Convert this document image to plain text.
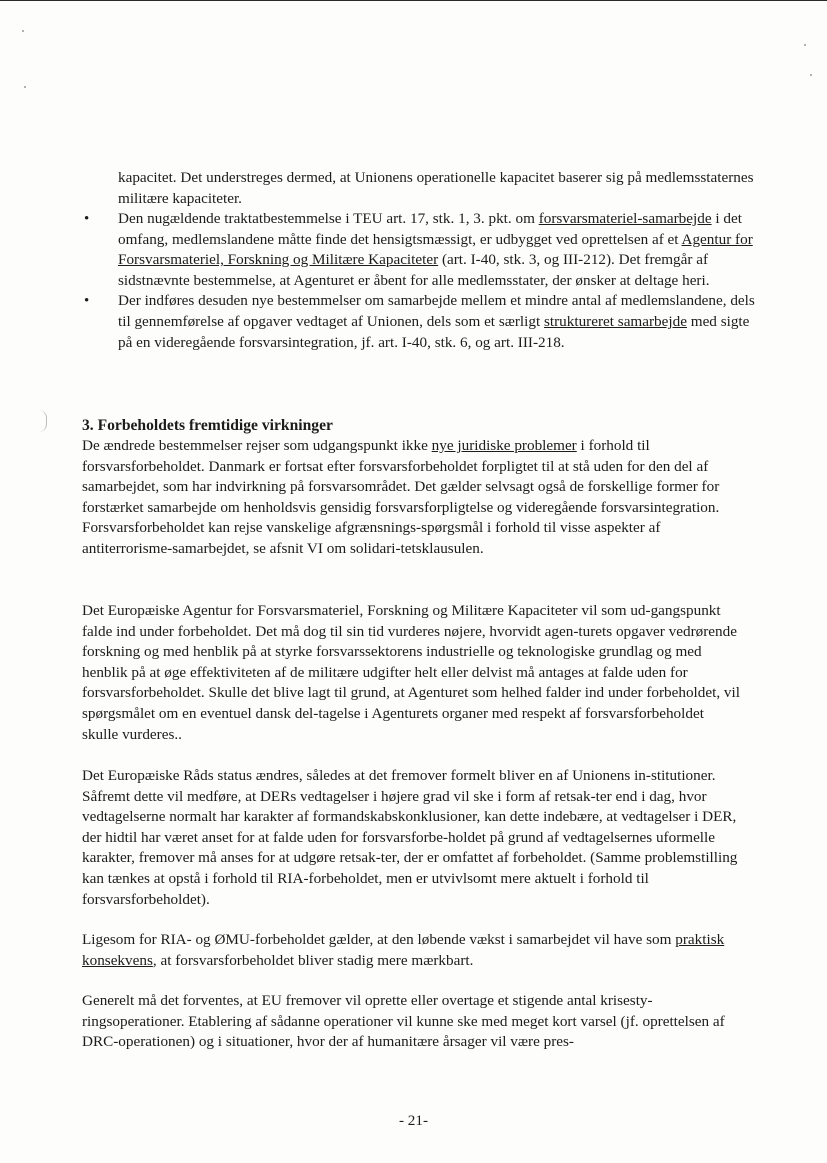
kapacitet. Det understreges dermed, at Unionens operationelle kapacitet baserer sig på medlemsstaternes militære kapaciteter.
•	Den nugældende traktatbestemmelse i TEU art. 17, stk. 1, 3. pkt. om forsvarsmateriel-samarbejde i det omfang, medlemslandene måtte finde det hensigtsmæssigt, er udbygget ved oprettelsen af et Agentur for Forsvarsmateriel, Forskning og Militære Kapaciteter (art. I-40, stk. 3, og III-212). Det fremgår af sidstnævnte bestemmelse, at Agenturet er åbent for alle medlemsstater, der ønsker at deltage heri.
•	Der indføres desuden nye bestemmelser om samarbejde mellem et mindre antal af medlemslandene, dels til gennemførelse af opgaver vedtaget af Unionen, dels som et særligt struktureret samarbejde med sigte på en videregående forsvarsintegration, jf. art. I-40, stk. 6, og art. III-218.
3. Forbeholdets fremtidige virkninger

De ændrede bestemmelser rejser som udgangspunkt ikke nye juridiske problemer i forhold til forsvarsforbeholdet. Danmark er fortsat efter forsvarsforbeholdet forpligtet til at stå uden for den del af samarbejdet, som har indvirkning på forsvarsområdet. Det gælder selvsagt også de forskellige former for forstærket samarbejde om henholdsvis gensidig forsvarsforpligtelse og videregående forsvarsintegration. Forsvarsforbeholdet kan rejse vanskelige afgrænsnings-spørgsmål i forhold til visse aspekter af antiterrorisme-samarbejdet, se afsnit VI om solidari-tetsklausulen.

Det Europæiske Agentur for Forsvarsmateriel, Forskning og Militære Kapaciteter vil som ud-gangspunkt falde ind under forbeholdet. Det må dog til sin tid vurderes nøjere, hvorvidt agen-turets opgaver vedrørende forskning og med henblik på at styrke forsvarssektorens industrielle og teknologiske grundlag og med henblik på at øge effektiviteten af de militære udgifter helt eller delvist må antages at falde uden for forsvarsforbeholdet. Skulle det blive lagt til grund, at Agenturet som helhed falder ind under forbeholdet, vil spørgsmålet om en eventuel dansk del-tagelse i Agenturets organer med respekt af forsvarsforbeholdet skulle vurderes..

Det Europæiske Råds status ændres, således at det fremover formelt bliver en af Unionens in-stitutioner. Såfremt dette vil medføre, at DERs vedtagelser i højere grad vil ske i form af retsak-ter end i dag, hvor vedtagelserne normalt har karakter af formandskabskonklusioner, kan dette indebære, at vedtagelser i DER, der hidtil har været anset for at falde uden for forsvarsforbe-holdet på grund af vedtagelsernes uformelle karakter, fremover må anses for at udgøre retsak-ter, der er omfattet af forbeholdet. (Samme problemstilling kan tænkes at opstå i forhold til RIA-forbeholdet, men er utvivlsomt mere aktuelt i forhold til forsvarsforbeholdet).

Ligesom for RIA- og ØMU-forbeholdet gælder, at den løbende vækst i samarbejdet vil have som praktisk konsekvens, at forsvarsforbeholdet bliver stadig mere mærkbart.

Generelt må det forventes, at EU fremover vil oprette eller overtage et stigende antal krisesty-ringsoperationer. Etablering af sådanne operationer vil kunne ske med meget kort varsel (jf. oprettelsen af DRC-operationen) og i situationer, hvor der af humanitære årsager vil være pres-

- 21-
